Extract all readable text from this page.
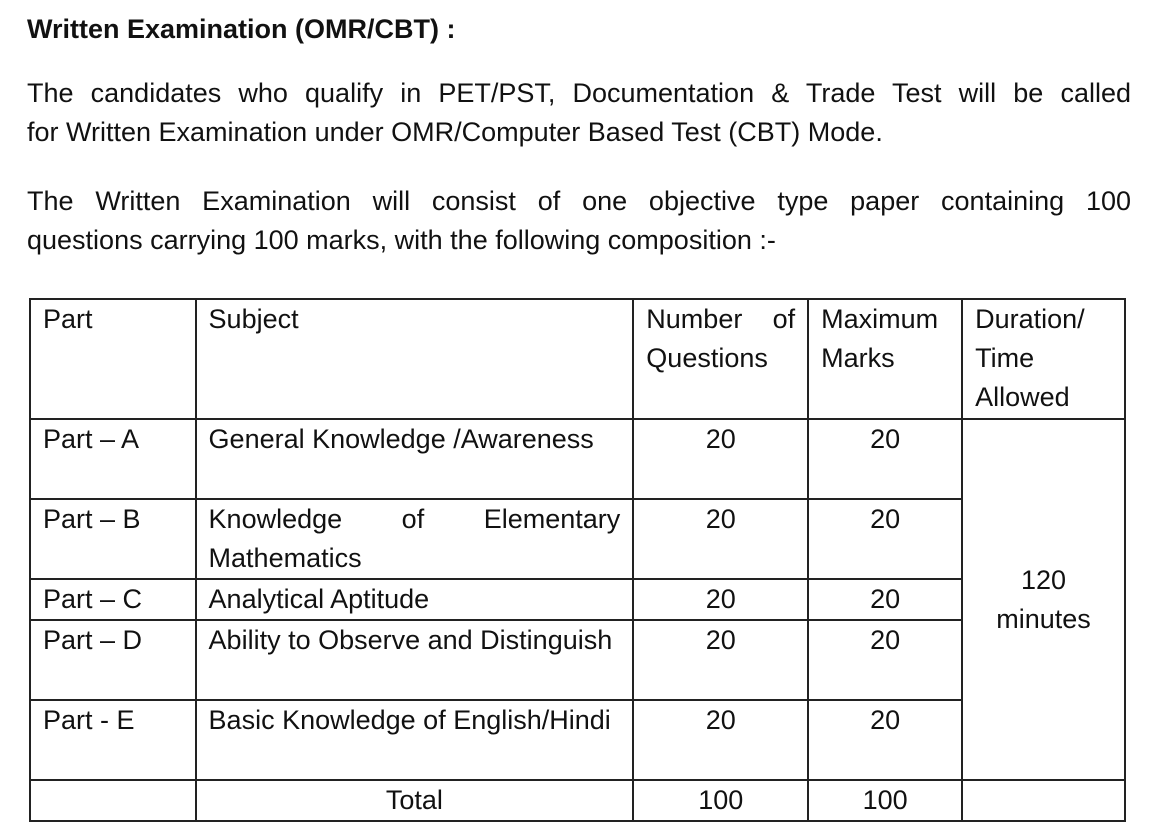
Written Examination (OMR/CBT) :

The candidates who qualify in PET/PST, Documentation & Trade Test will be called
for Written Examination under OMR/Computer Based Test (CBT) Mode.

The Written Examination will consist of one objective type paper containing 100
questions carrying 100 marks, with the following composition :-

Part	Subject	Number of Questions	Maximum Marks	Duration/ Time Allowed
Part – A	General Knowledge /Awareness	20	20	120 minutes
Part – B	Knowledge of Elementary Mathematics	20	20	
Part – C	Analytical Aptitude	20	20	
Part – D	Ability to Observe and Distinguish	20	20	
Part - E	Basic Knowledge of English/Hindi	20	20	
	Total	100	100	
